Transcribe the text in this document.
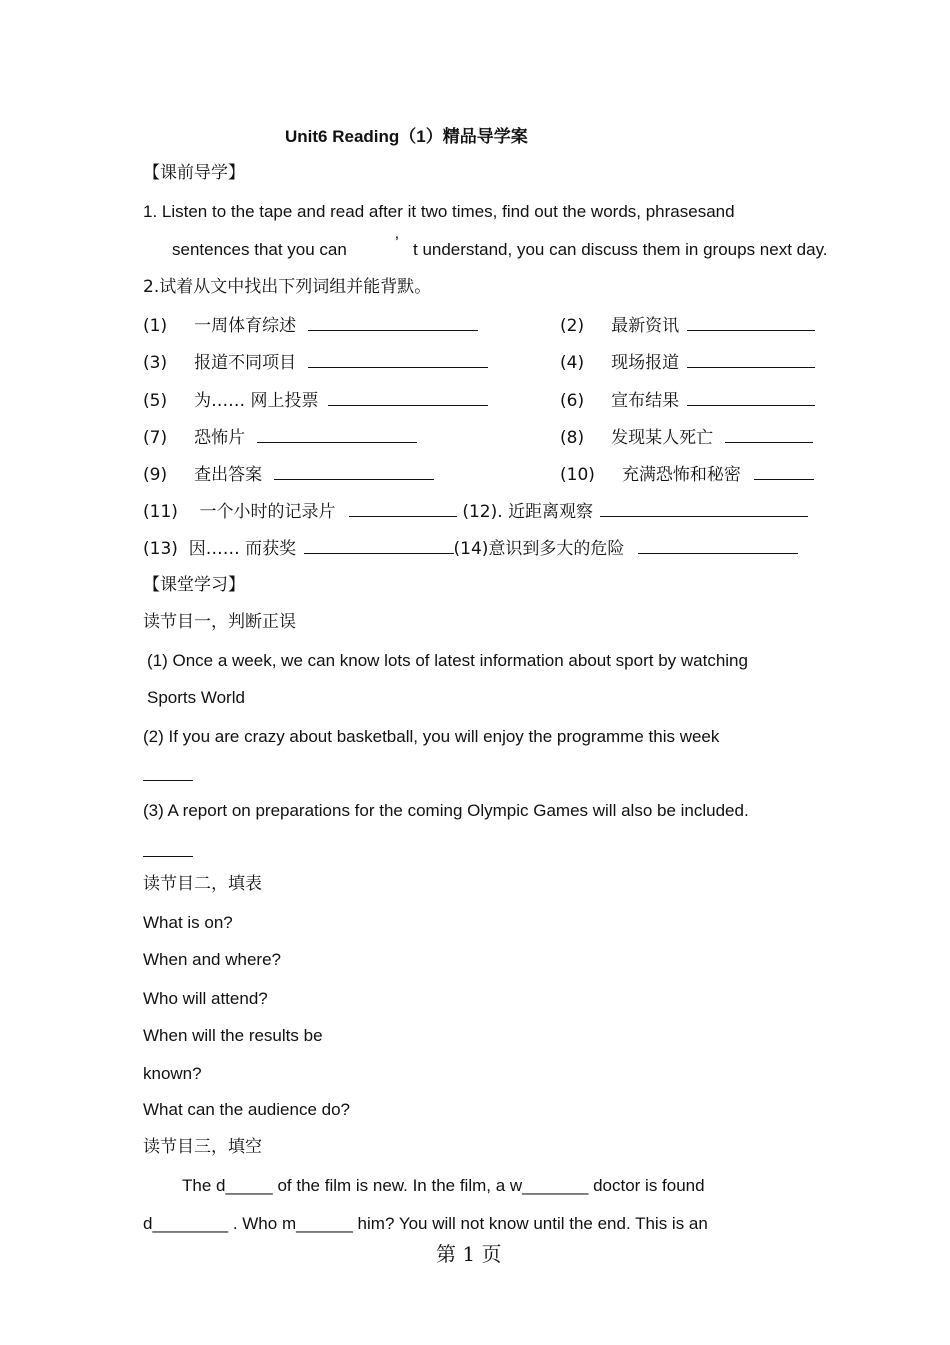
Unit6 Reading（1）精品导学案
【课前导学】
1. Listen to the tape and read after it two times, find out the words, phrasesand
sentences that you can	’ t understand, you can discuss them in groups next day.
2.试着从文中找出下列词组并能背默。
(1) 一周体育综述	(2) 最新资讯
(3) 报道不同项目	(4) 现场报道
(5) 为…… 网上投票	(6) 宣布结果
(7) 恐怖片	(8) 发现某人死亡
(9) 查出答案	(10) 充满恐怖和秘密
(11) 一个小时的记录片	(12). 近距离观察
(13) 因…… 而获奖	(14)意识到多大的危险
【课堂学习】
读节目一，判断正误
(1) Once a week, we can know lots of latest information about sport by watching
Sports World
(2) If you are crazy about basketball, you will enjoy the programme this week
(3) A report on preparations for the coming Olympic Games will also be included.
读节目二，填表
What is on?
When and where?
Who will attend?
When will the results be
known?
What can the audience do?
读节目三，填空
The d_____ of the film is new. In the film, a w_______ doctor is found
d________ . Who m______ him? You will not know until the end. This is an
第 1 页
